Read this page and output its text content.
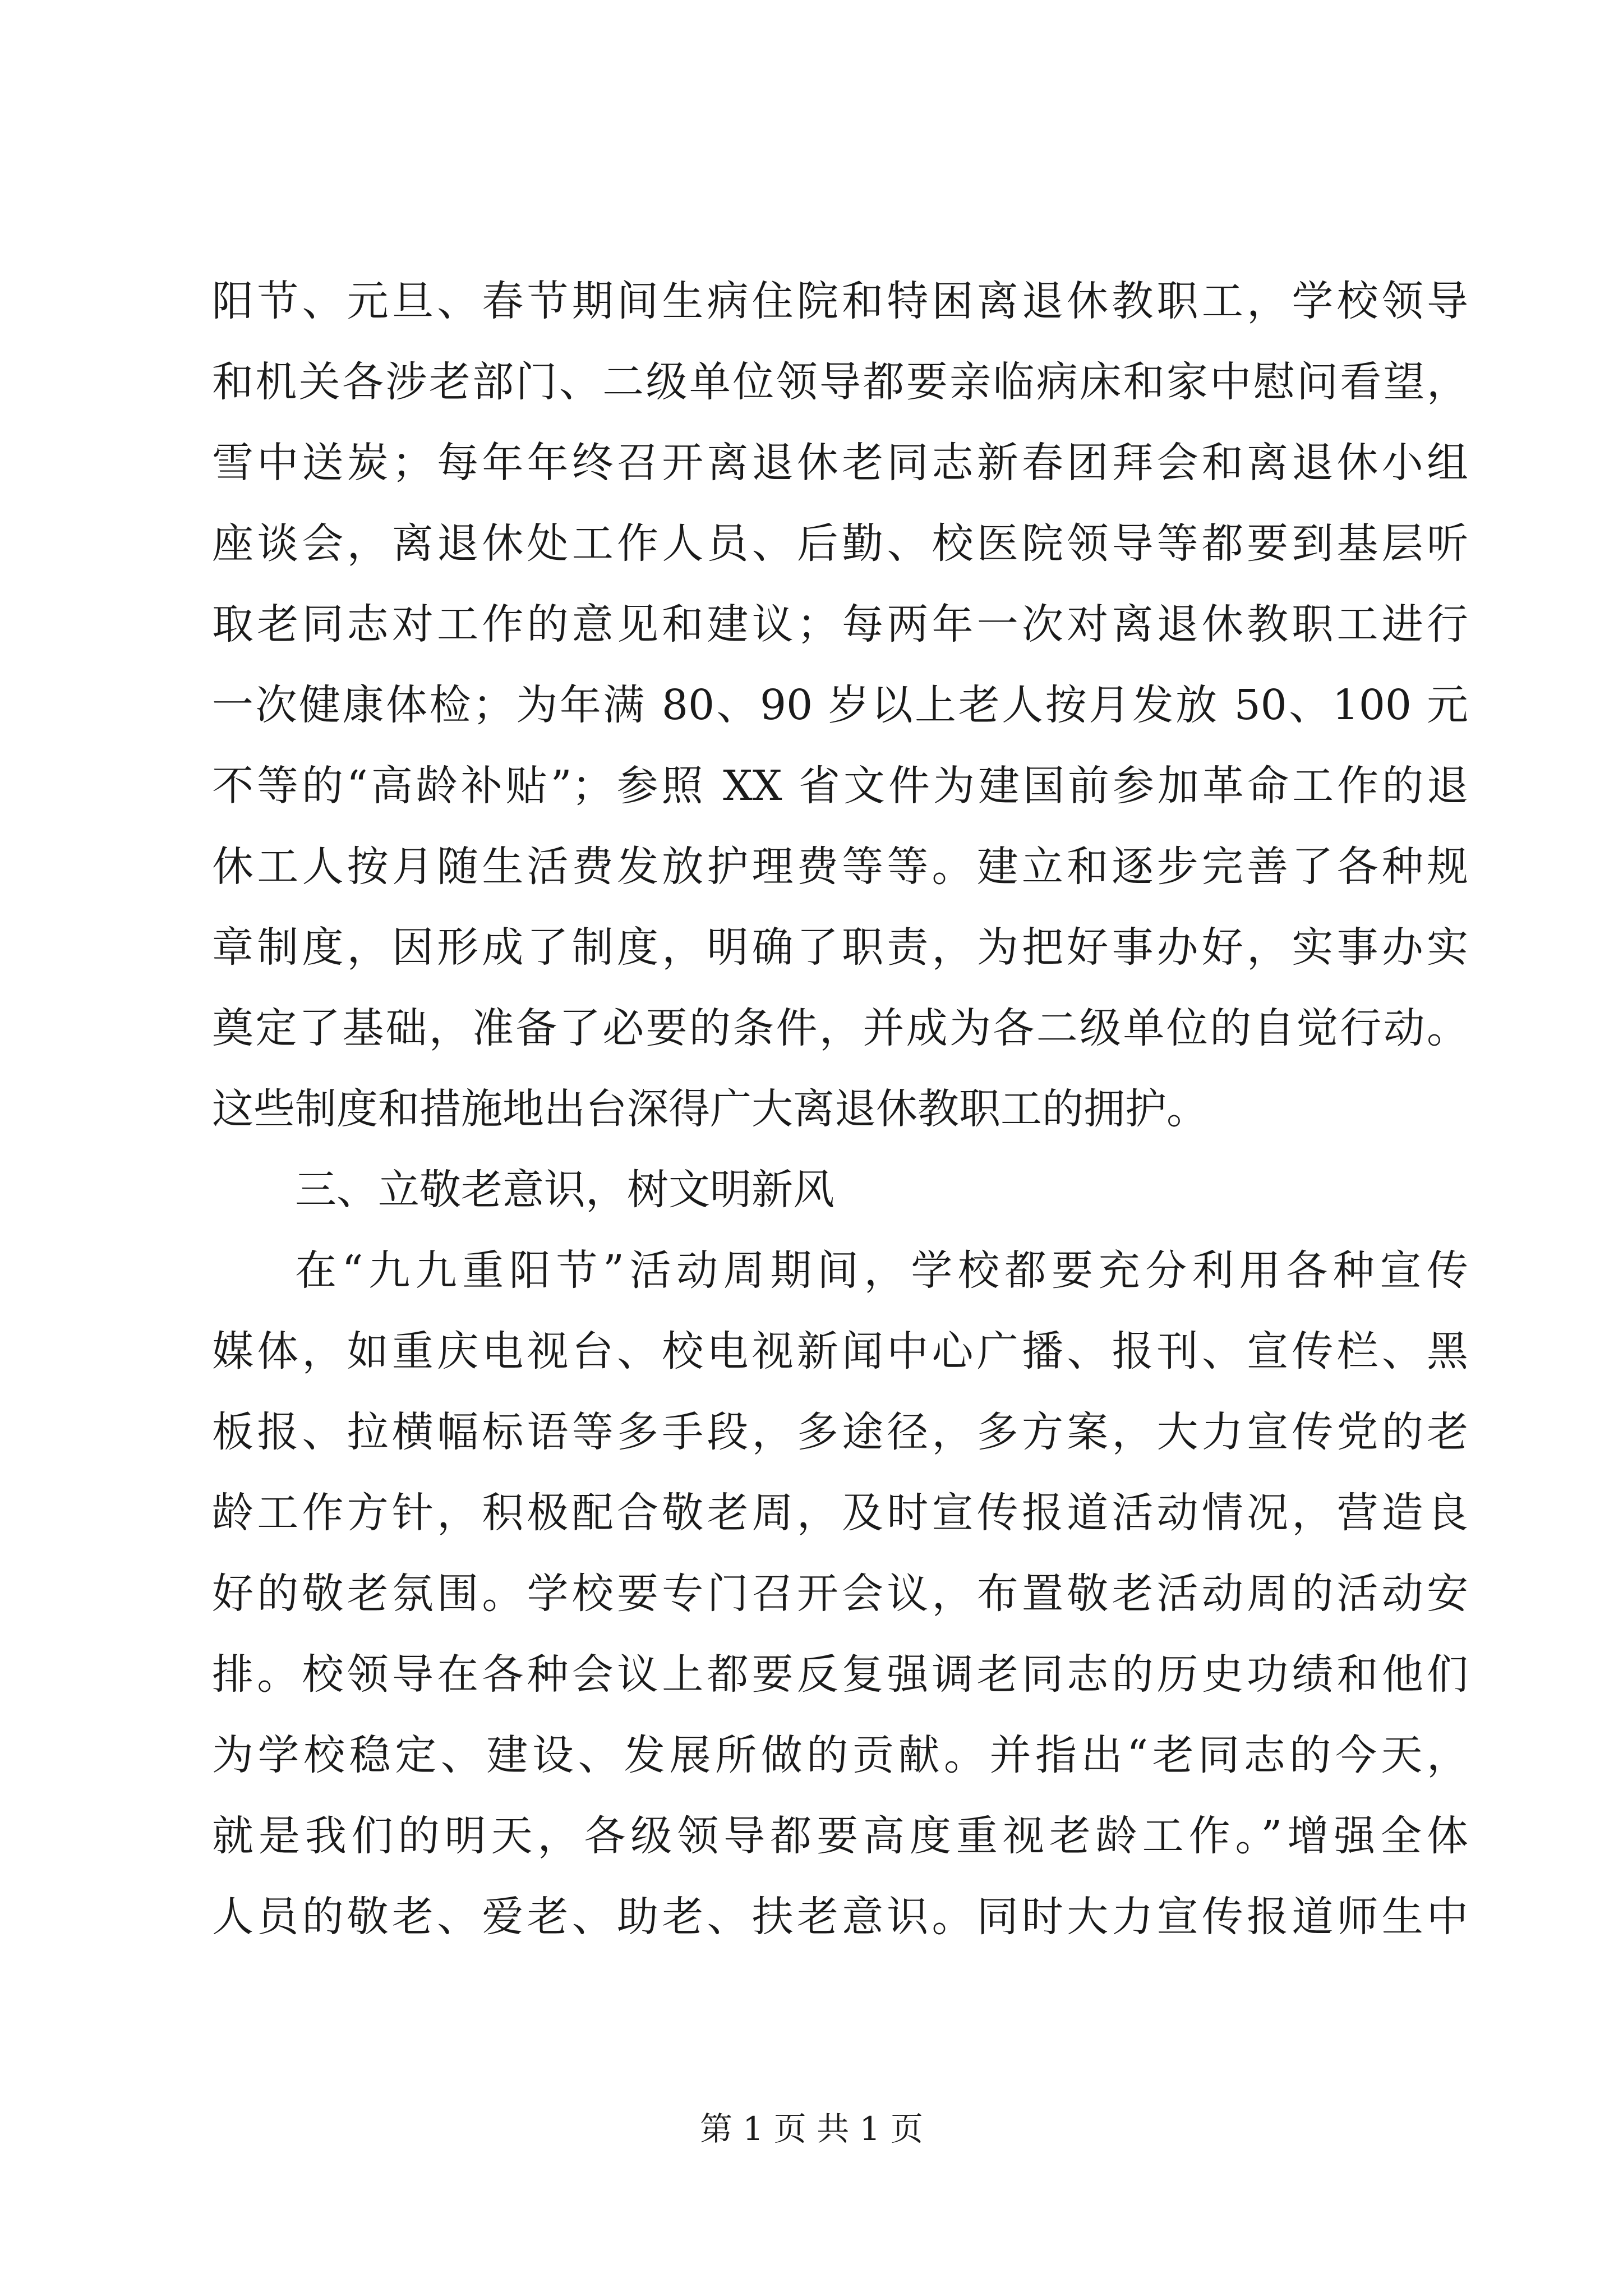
阳节、元旦、春节期间生病住院和特困离退休教职工，学校领导
和机关各涉老部门、二级单位领导都要亲临病床和家中慰问看望，
雪中送炭；每年年终召开离退休老同志新春团拜会和离退休小组
座谈会，离退休处工作人员、后勤、校医院领导等都要到基层听
取老同志对工作的意见和建议；每两年一次对离退休教职工进行
一次健康体检；为年满 80、90 岁以上老人按月发放 50、100 元
不等的“高龄补贴”；参照 XX 省文件为建国前参加革命工作的退
休工人按月随生活费发放护理费等等。建立和逐步完善了各种规
章制度，因形成了制度，明确了职责，为把好事办好，实事办实
奠定了基础，准备了必要的条件，并成为各二级单位的自觉行动。
这些制度和措施地出台深得广大离退休教职工的拥护。
三、立敬老意识，树文明新风
在“九九重阳节”活动周期间，学校都要充分利用各种宣传
媒体，如重庆电视台、校电视新闻中心广播、报刊、宣传栏、黑
板报、拉横幅标语等多手段，多途径，多方案，大力宣传党的老
龄工作方针，积极配合敬老周，及时宣传报道活动情况，营造良
好的敬老氛围。学校要专门召开会议，布置敬老活动周的活动安
排。校领导在各种会议上都要反复强调老同志的历史功绩和他们
为学校稳定、建设、发展所做的贡献。并指出“老同志的今天，
就是我们的明天，各级领导都要高度重视老龄工作。”增强全体
人员的敬老、爱老、助老、扶老意识。同时大力宣传报道师生中
第 1 页 共 1 页
